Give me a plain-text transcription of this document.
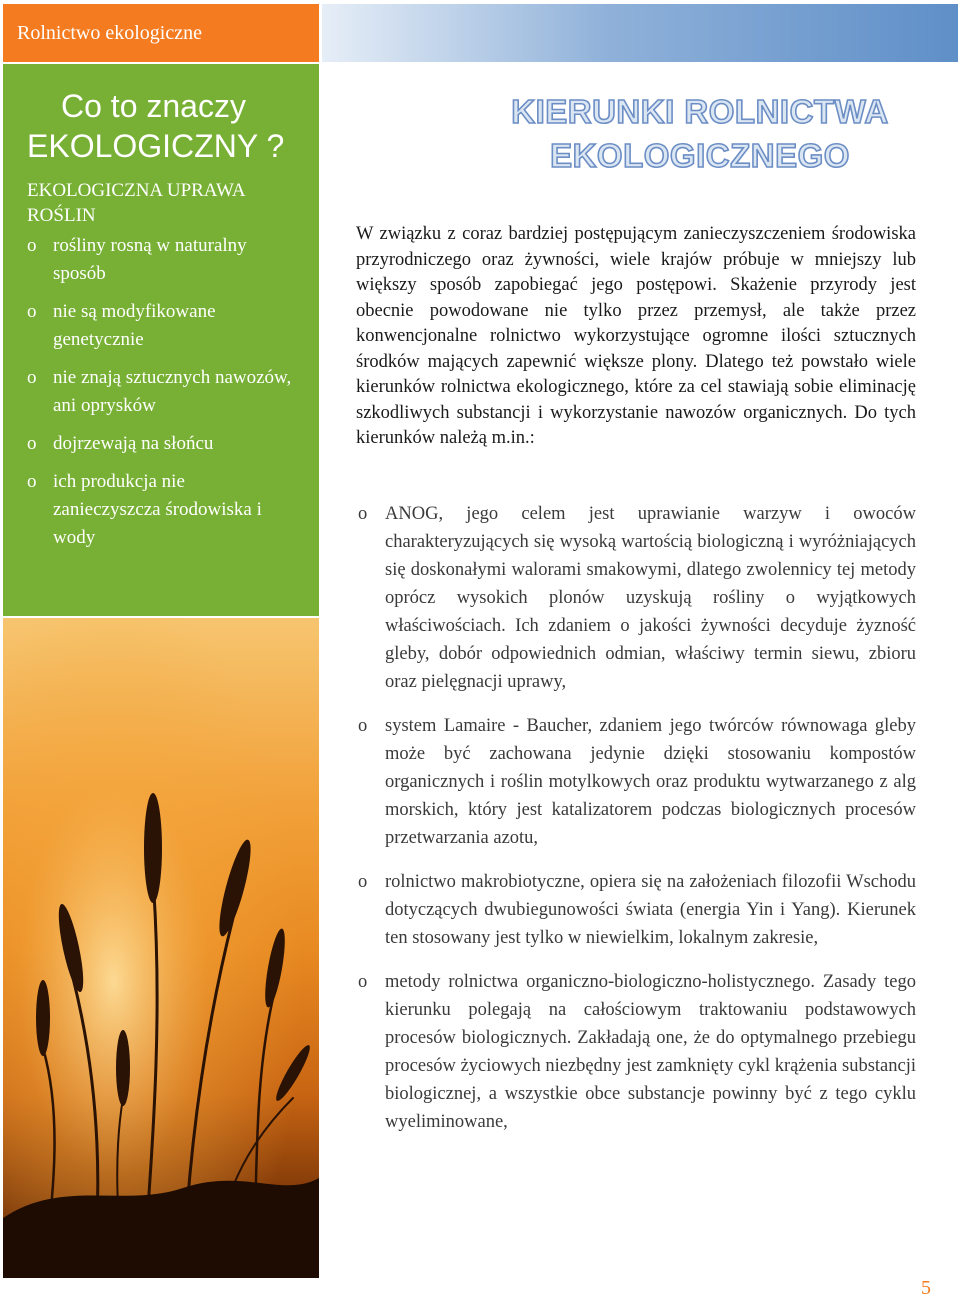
Rolnictwo ekologiczne
Co to znaczy
EKOLOGICZNY ?

EKOLOGICZNA UPRAWA ROŚLIN

o rośliny rosną w naturalny sposób
o nie są modyfikowane genetycznie
o nie znają sztucznych nawozów, ani oprysków
o dojrzewają na słońcu
o ich produkcja nie zanieczyszcza środowiska i wody
KIERUNKI ROLNICTWA
EKOLOGICZNEGO

W związku z coraz bardziej postępującym zanieczyszczeniem środowiska przyrodniczego oraz żywności, wiele krajów próbuje w mniejszy lub większy sposób zapobiegać jego postępowi. Skażenie przyrody jest obecnie powodowane nie tylko przez przemysł, ale także przez konwencjonalne rolnictwo wykorzystujące ogromne ilości sztucznych środków mających zapewnić większe plony. Dlatego też powstało wiele kierunków rolnictwa ekologicznego, które za cel stawiają sobie eliminację szkodliwych substancji i wykorzystanie nawozów organicznych. Do tych kierunków należą m.in.:

o ANOG, jego celem jest uprawianie warzyw i owoców charakteryzujących się wysoką wartością biologiczną i wyróżniających się doskonałymi walorami smakowymi, dlatego zwolennicy tej metody oprócz wysokich plonów uzyskują rośliny o wyjątkowych właściwościach. Ich zdaniem o jakości żywności decyduje żyzność gleby, dobór odpowiednich odmian, właściwy termin siewu, zbioru oraz pielęgnacji uprawy,
o system Lamaire - Baucher, zdaniem jego twórców równowaga gleby może być zachowana jedynie dzięki stosowaniu kompostów organicznych i roślin motylkowych oraz produktu wytwarzanego z alg morskich, który jest katalizatorem podczas biologicznych procesów przetwarzania azotu,
o rolnictwo makrobiotyczne, opiera się na założeniach filozofii Wschodu dotyczących dwubiegunowości świata (energia Yin i Yang). Kierunek ten stosowany jest tylko w niewielkim, lokalnym zakresie,
o metody rolnictwa organiczno-biologiczno-holistycznego. Zasady tego kierunku polegają na całościowym traktowaniu podstawowych procesów biologicznych. Zakładają one, że do optymalnego przebiegu procesów życiowych niezbędny jest zamknięty cykl krążenia substancji biologicznej, a wszystkie obce substancje powinny być z tego cyklu wyeliminowane,
5
